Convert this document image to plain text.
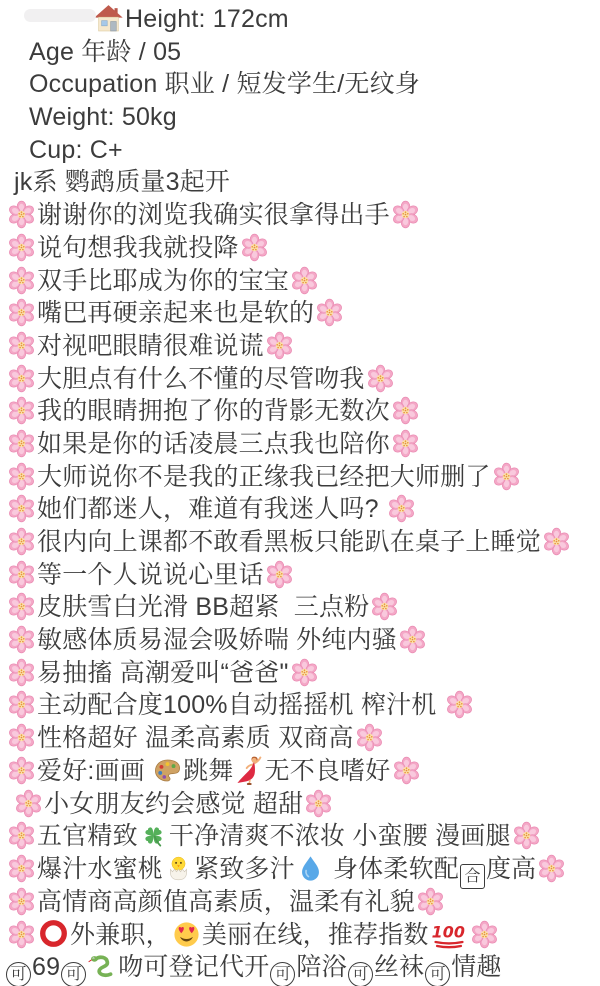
Height: 172cm
Age 年龄 / 05
Occupation 职业 / 短发学生/无纹身
Weight: 50kg
Cup: C+
jk系 鹦鹉质量3起开
谢谢你的浏览我确实很拿得出手
说句想我我就投降
双手比耶成为你的宝宝
嘴巴再硬亲起来也是软的
对视吧眼睛很难说谎
大胆点有什么不懂的尽管吻我
我的眼睛拥抱了你的背影无数次
如果是你的话凌晨三点我也陪你
大师说你不是我的正缘我已经把大师删了
她们都迷人，难道有我迷人吗?
很内向上课都不敢看黑板只能趴在桌子上睡觉
等一个人说说心里话
皮肤雪白光滑 BB超紧  三点粉
敏感体质易湿会吸娇喘 外纯内骚
易抽搐 高潮爱叫“爸爸"
主动配合度100%自动摇摇机 榨汁机
性格超好 温柔高素质 双商高
爱好:画画
跳舞 无不良嗜好

小女朋友约会感觉 超甜
五官精致 干净清爽不浓妆 小蛮腰 漫画腿
爆汁水蜜桃 紧致多汁
身体柔软配 合 度高
高情商高颜值高素质，温柔有礼貌
外兼职， 美丽在线，推荐指数
可 69 可 吻可登记代开 可 陪浴 可 丝袜 可 情趣
